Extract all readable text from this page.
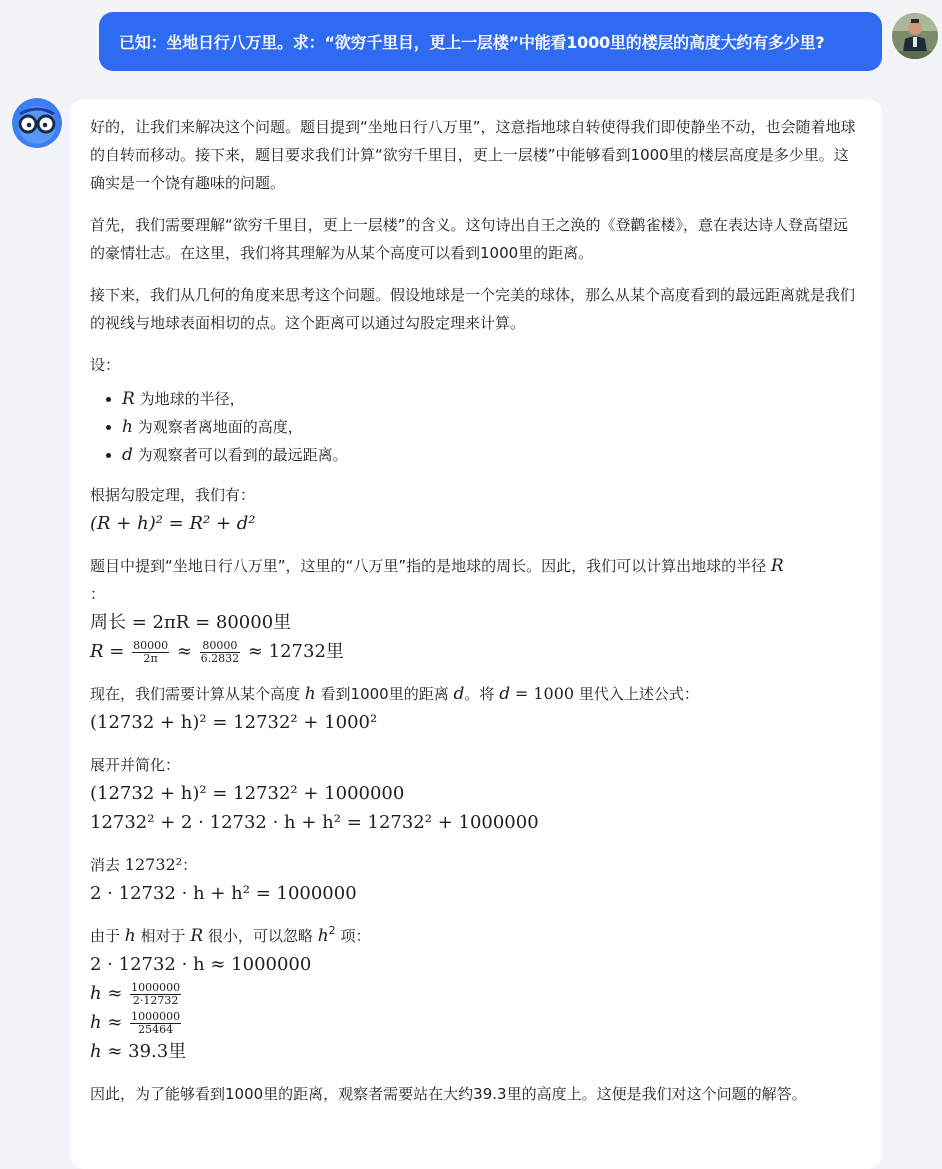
已知：坐地日行八万里。求：“欲穷千里目，更上一层楼”中能看1000里的楼层的高度大约有多少里?

好的，让我们来解决这个问题。题目提到“坐地日行八万里”，这意指地球自转使得我们即使静坐不动，也会随着地球的自转而移动。接下来，题目要求我们计算“欲穷千里目，更上一层楼”中能够看到1000里的楼层高度是多少里。这确实是一个饶有趣味的问题。

首先，我们需要理解“欲穷千里目，更上一层楼”的含义。这句诗出自王之涣的《登鹳雀楼》，意在表达诗人登高望远的豪情壮志。在这里，我们将其理解为从某个高度可以看到1000里的距离。

接下来，我们从几何的角度来思考这个问题。假设地球是一个完美的球体，那么从某个高度看到的最远距离就是我们的视线与地球表面相切的点。这个距离可以通过勾股定理来计算。

设：

• R 为地球的半径，
• h 为观察者离地面的高度，
• d 为观察者可以看到的最远距离。

根据勾股定理，我们有：

(R + h)² = R² + d²

题目中提到“坐地日行八万里”，这里的“八万里”指的是地球的周长。因此，我们可以计算出地球的半径 R
：

周长 = 2πR = 80000里

$R = \frac{80000}{2\pi} \approx \frac{80000}{6.2832} \approx 12732$里

现在，我们需要计算从某个高度 h 看到1000里的距离 d。将 d = 1000 里代入上述公式：

(12732 + h)² = 12732² + 1000²

展开并简化：

(12732 + h)² = 12732² + 1000000

12732² + 2 · 12732 · h + h² = 12732² + 1000000

消去 12732²：

2 · 12732 · h + h² = 1000000

由于 h 相对于 R 很小，可以忽略 $h^2$ 项：

2 · 12732 · h ≈ 1000000

$h \approx \frac{1000000}{2\cdot 12732}$

$h \approx \frac{1000000}{25464}$

h ≈ 39.3里

因此，为了能够看到1000里的距离，观察者需要站在大约39.3里的高度上。这便是我们对这个问题的解答。
